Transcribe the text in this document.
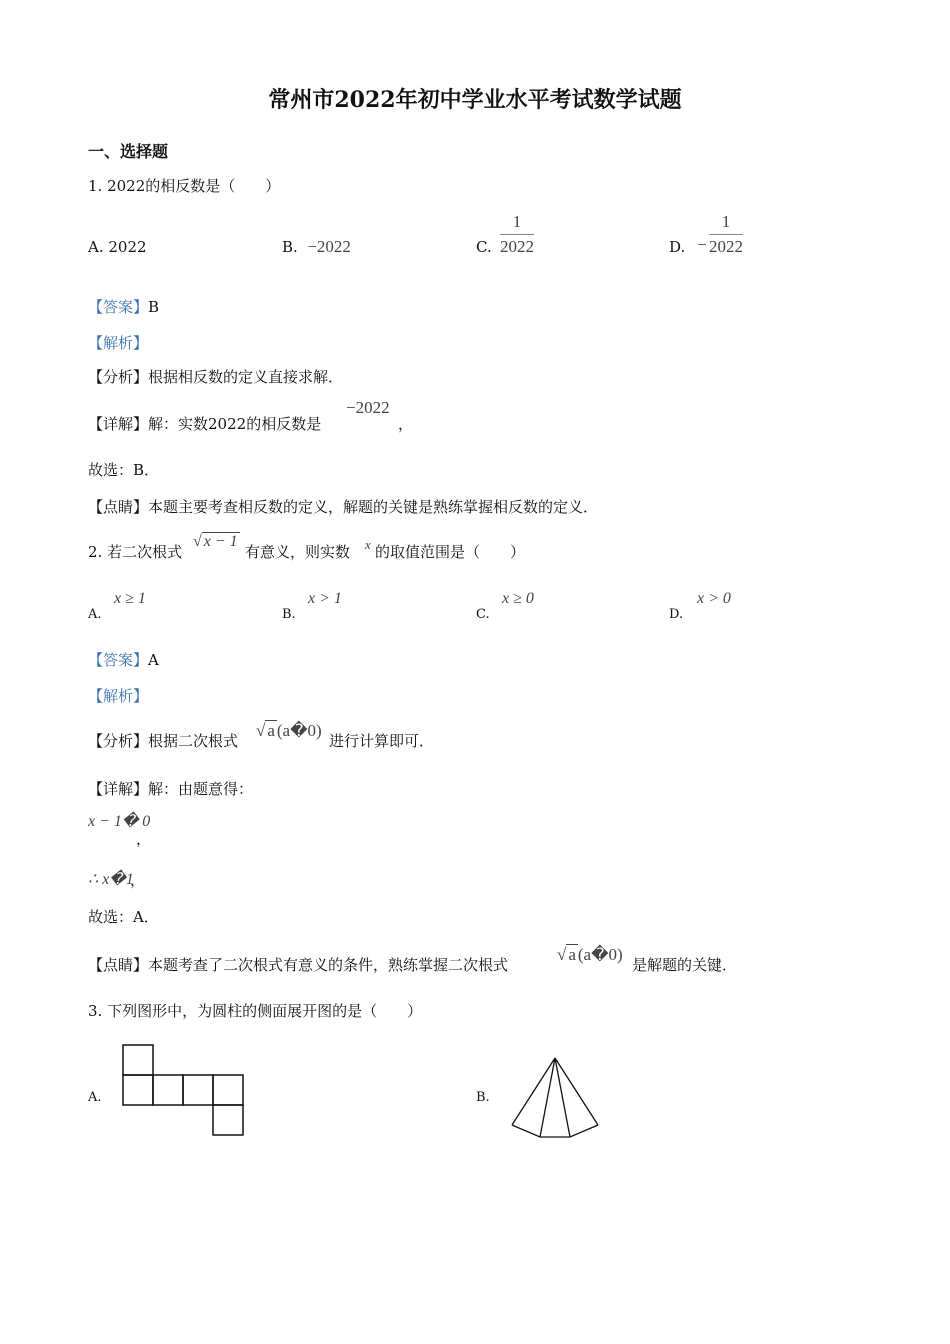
常州市2022年初中学业水平考试数学试题
一、选择题
1. 2022的相反数是（　　）
A. 2022	B. −2022	C. $\frac{1}{2022}$	D. − $\frac{1}{2022}$
【答案】B
【解析】
【分析】根据相反数的定义直接求解．
【详解】解：实数2022的相反数是
−2022
，
故选：B．
【点睛】本题主要考查相反数的定义，解题的关键是熟练掌握相反数的定义．
2. 若二次根式
√ x − 1
有意义，则实数 x 的取值范围是（　　）
A.
x ≥ 1
B.
x > 1
C.
x ≥ 0
D.
x > 0
【答案】A
【解析】
【分析】根据二次根式
√ a (a�0)
进行计算即可．
【详解】解：由题意得：
x − 1� 0
，
∴ x�1
，
故选：A．
【点睛】本题考查了二次根式有意义的条件，熟练掌握二次根式
√ a (a�0)
是解题的关键．
3. 下列图形中，为圆柱的侧面展开图的是（　　）
A.	B.
